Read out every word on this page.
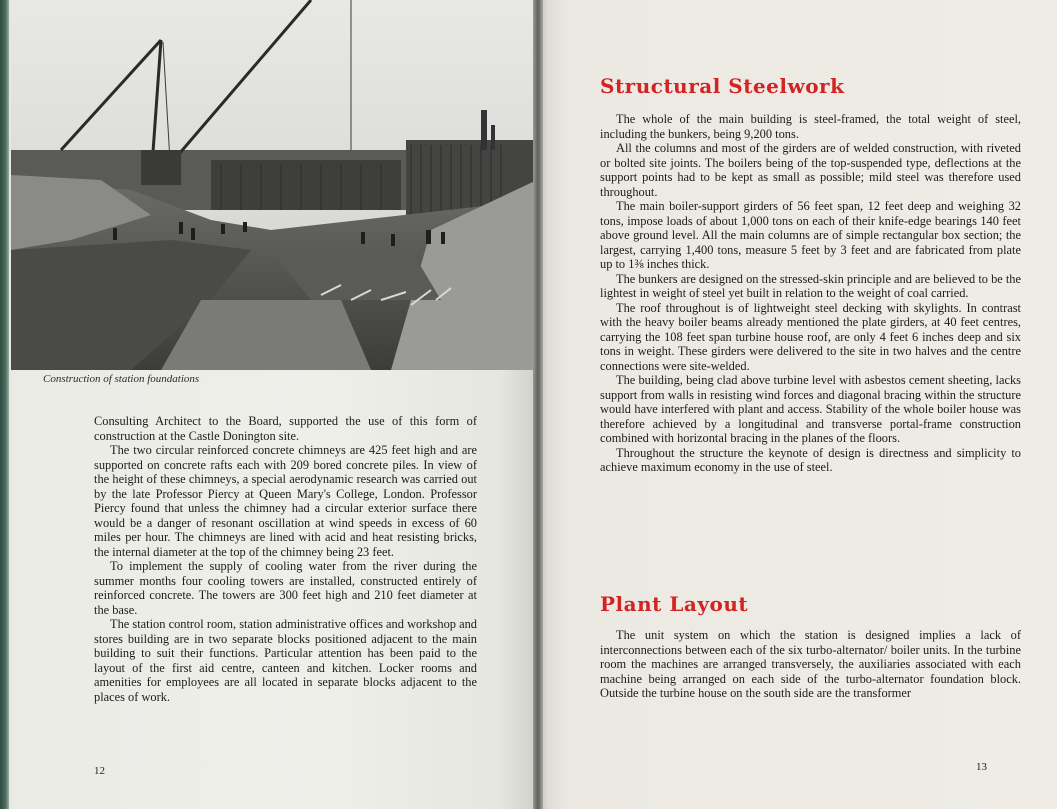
Construction of station foundations

Consulting Architect to the Board, supported the use of this form of construction at the Castle Donington site.

The two circular reinforced concrete chimneys are 425 feet high and are supported on concrete rafts each with 209 bored concrete piles. In view of the height of these chimneys, a special aerodynamic research was carried out by the late Professor Piercy at Queen Mary's College, London. Professor Piercy found that unless the chimney had a circular exterior surface there would be a danger of resonant oscillation at wind speeds in excess of 60 miles per hour. The chimneys are lined with acid and heat resisting bricks, the internal diameter at the top of the chimney being 23 feet.

To implement the supply of cooling water from the river during the summer months four cooling towers are installed, constructed entirely of reinforced concrete. The towers are 300 feet high and 210 feet diameter at the base.

The station control room, station administrative offices and workshop and stores building are in two separate blocks positioned adjacent to the main building to suit their functions. Particular attention has been paid to the layout of the first aid centre, canteen and kitchen. Locker rooms and amenities for employees are all located in separate blocks adjacent to the places of work.

12
Structural Steelwork

The whole of the main building is steel-framed, the total weight of steel, including the bunkers, being 9,200 tons.

All the columns and most of the girders are of welded construction, with riveted or bolted site joints. The boilers being of the top-suspended type, deflections at the support points had to be kept as small as possible; mild steel was therefore used throughout.

The main boiler-support girders of 56 feet span, 12 feet deep and weighing 32 tons, impose loads of about 1,000 tons on each of their knife-edge bearings 140 feet above ground level. All the main columns are of simple rectangular box section; the largest, carrying 1,400 tons, measure 5 feet by 3 feet and are fabricated from plate up to 1⅜ inches thick.

The bunkers are designed on the stressed-skin principle and are believed to be the lightest in weight of steel yet built in relation to the weight of coal carried.

The roof throughout is of lightweight steel decking with skylights. In contrast with the heavy boiler beams already mentioned the plate girders, at 40 feet centres, carrying the 108 feet span turbine house roof, are only 4 feet 6 inches deep and six tons in weight. These girders were delivered to the site in two halves and the centre connections were site-welded.

The building, being clad above turbine level with asbestos cement sheeting, lacks support from walls in resisting wind forces and diagonal bracing within the structure would have interfered with plant and access. Stability of the whole boiler house was therefore achieved by a longitudinal and transverse portal-frame construction combined with horizontal bracing in the planes of the floors.

Throughout the structure the keynote of design is directness and simplicity to achieve maximum economy in the use of steel.

Plant Layout

The unit system on which the station is designed implies a lack of interconnections between each of the six turbo-alternator/ boiler units. In the turbine room the machines are arranged transversely, the auxiliaries associated with each machine being arranged on each side of the turbo-alternator foundation block. Outside the turbine house on the south side are the transformer

13
